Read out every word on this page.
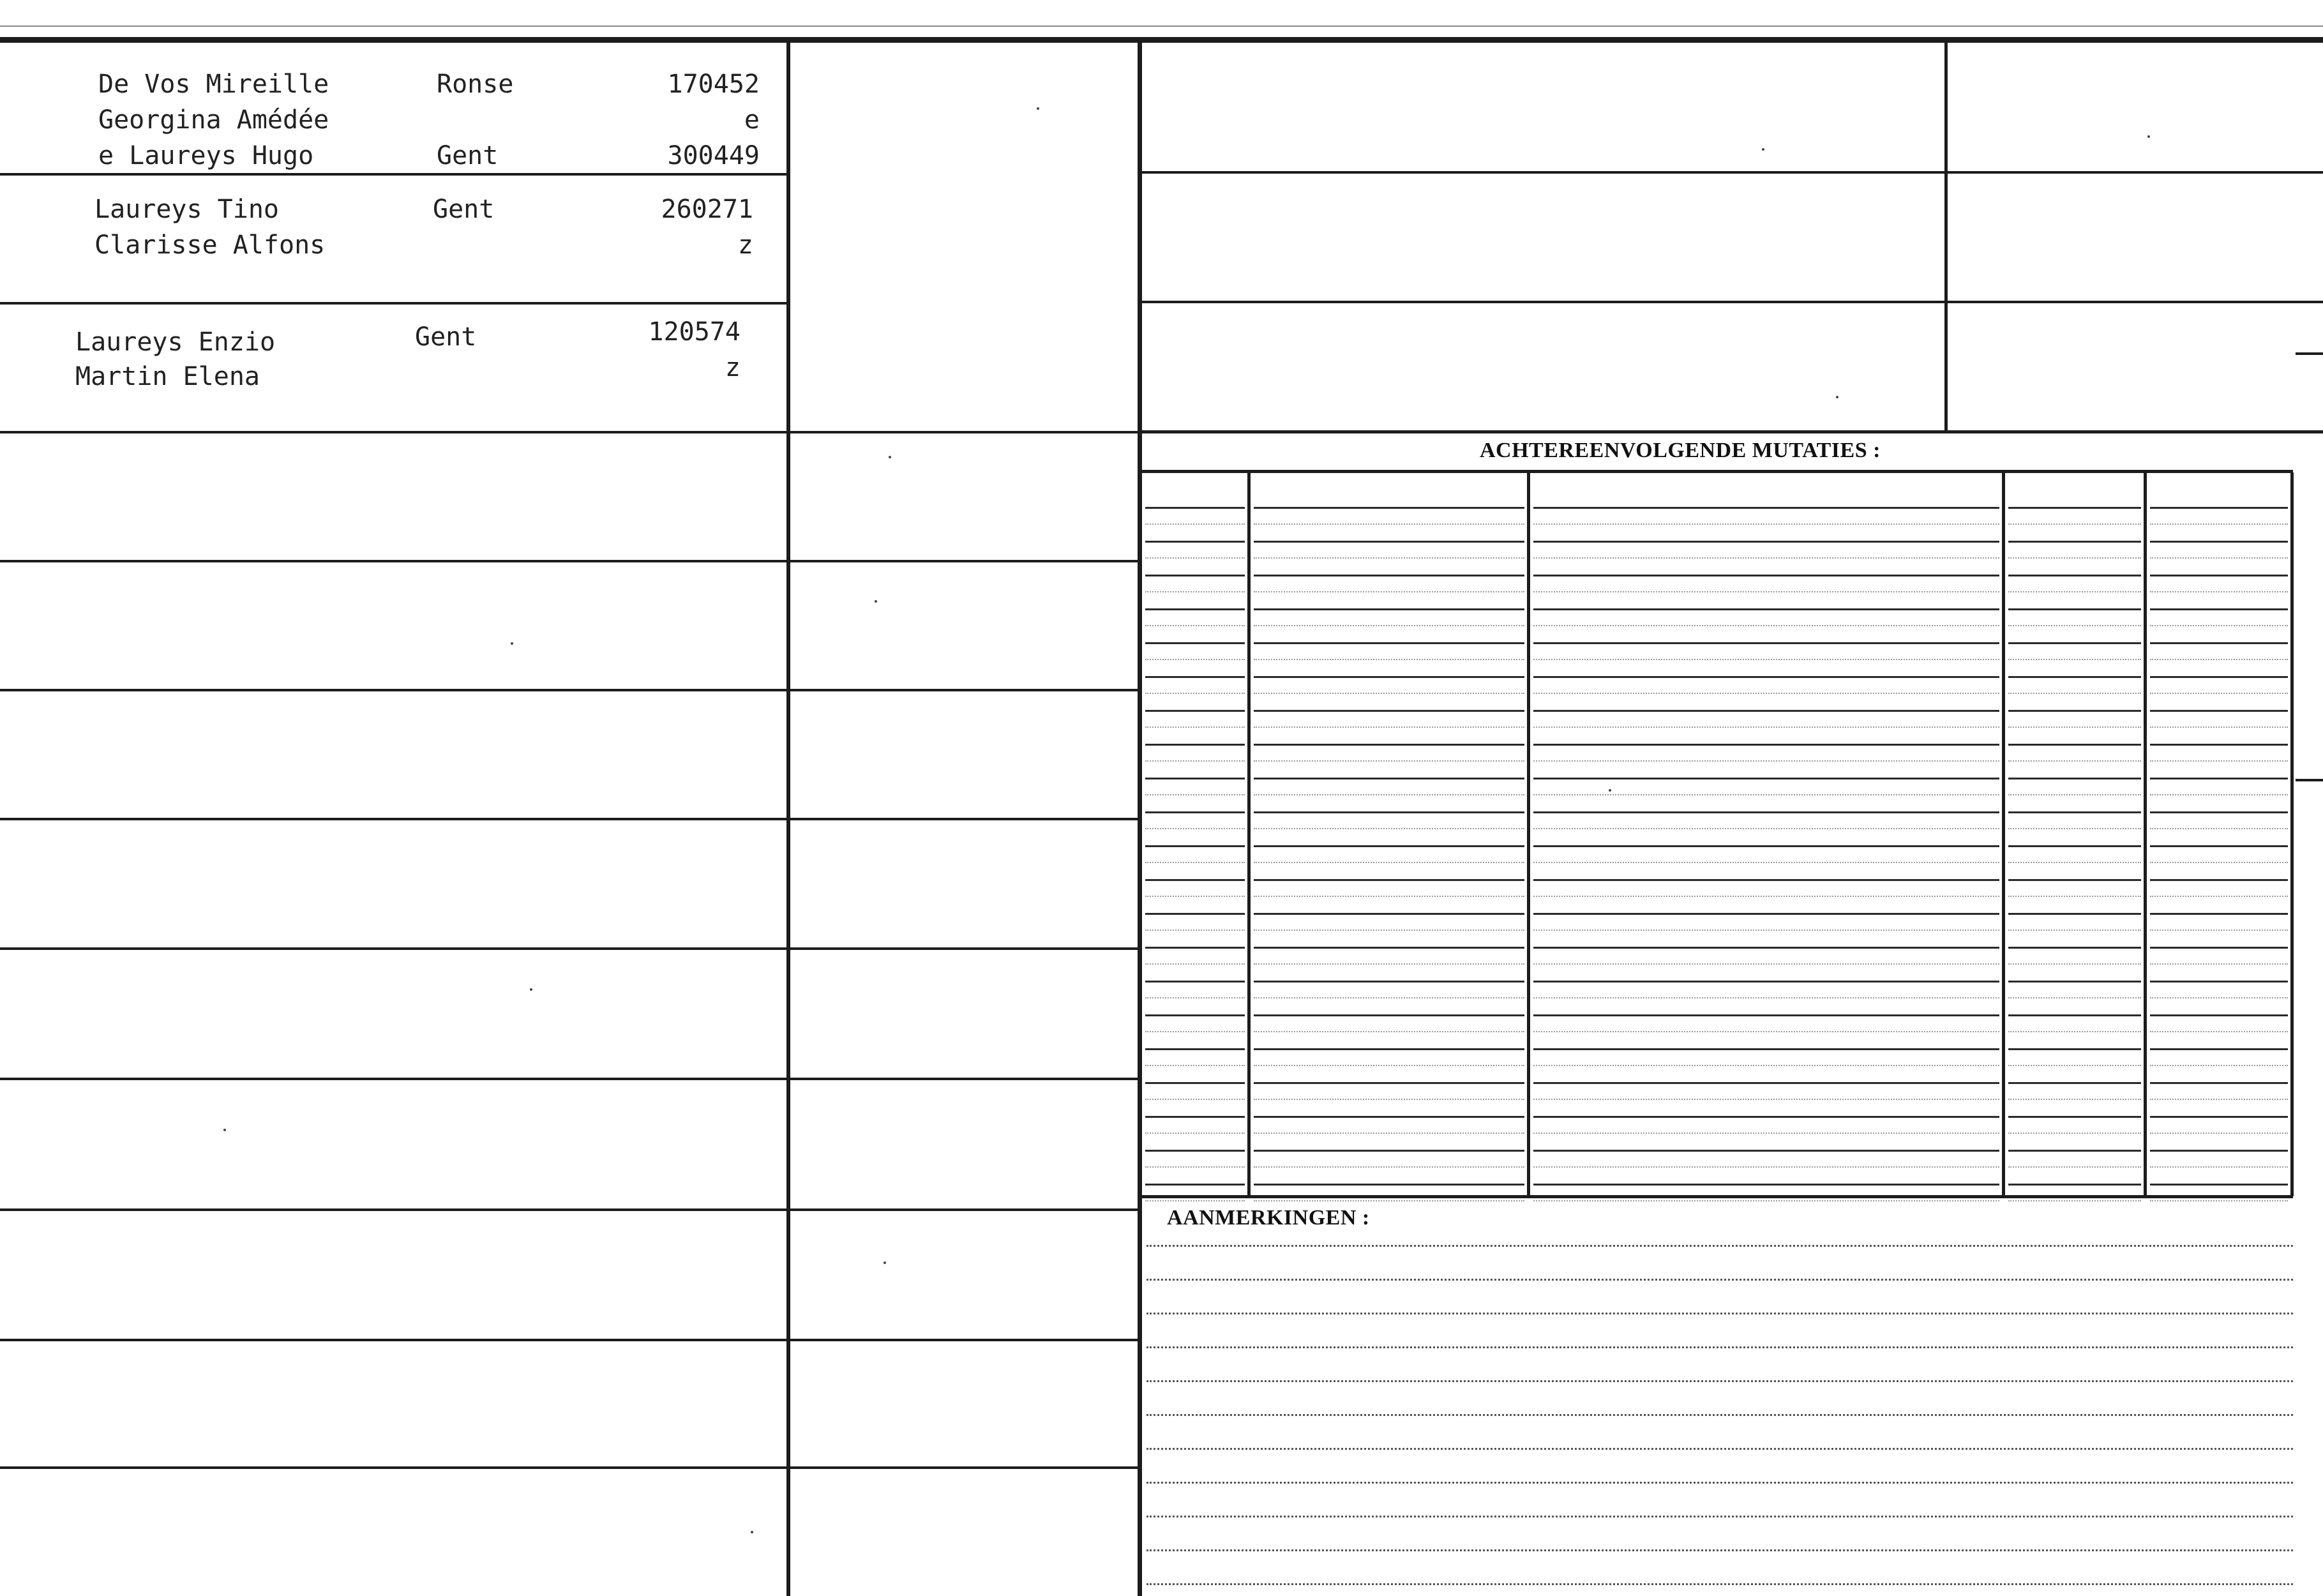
ACHTEREENVOLGENDE MUTATIES :
AANMERKINGEN :
De Vos Mireille
Georgina Amédée
e Laureys Hugo
Ronse
Gent
170452
e
300449
Laureys Tino
Clarisse Alfons
Gent	260271
z
Laureys Enzio
Martin Elena
Gent	120574
z
